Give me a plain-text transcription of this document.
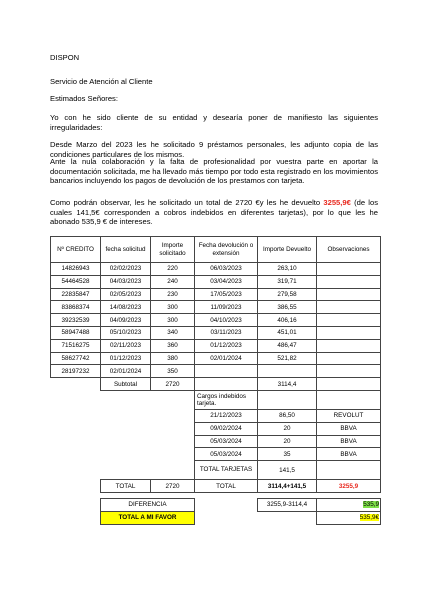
DISPON
Servicio de Atención al Cliente
Estimados Señores:
Yo con he sido cliente de su entidad y desearía poner de manifiesto las siguientes irregularidades:
Desde Marzo del 2023 les he solicitado 9 préstamos personales, les adjunto copia de las condiciones particulares de los mismos.
Ante la nula colaboración y la falta de profesionalidad por vuestra parte en aportar la documentación solicitada, me ha llevado más tiempo por todo esta registrado en los movimientos bancarios incluyendo los pagos de devolución de los prestamos con tarjeta.
Como podrán observar, les he solicitado un total de 2720 €y les he devuelto 3255,9€ (de los cuales 141,5€ corresponden a cobros indebidos en diferentes tarjetas), por lo que les he abonado 535,9 € de intereses.
Nº CREDITO	fecha solicitud	Importe solicitado	Fecha devolución o extensión	Importe Devuelto	Observaciones
14826943	02/02/2023	220	06/03/2023	263,10	
54464528	04/03/2023	240	03/04/2023	319,71	
22835847	02/05/2023	230	17/05/2023	279,58	
83868374	14/08/2023	300	11/09/2023	386,55	
39232539	04/09/2023	300	04/10/2023	406,16	
58947488	05/10/2023	340	03/11/2023	451,01	
71516275	02/11/2023	360	01/12/2023	486,47	
58627742	01/12/2023	380	02/01/2024	521,82	
28197232	02/01/2024	350			
	Subtotal	2720		3114,4	
			Cargos indebidos tarjeta.		
			21/12/2023	86,50	REVOLUT
			09/02/2024	20	BBVA
			05/03/2024	20	BBVA
			05/03/2024	35	BBVA
			TOTAL TARJETAS	141,5	
	TOTAL	2720	TOTAL	3114,4+141,5	3255,9

	DIFERENCIA			3255,9-3114,4	535,9
	TOTAL A MI FAVOR				535,9€
